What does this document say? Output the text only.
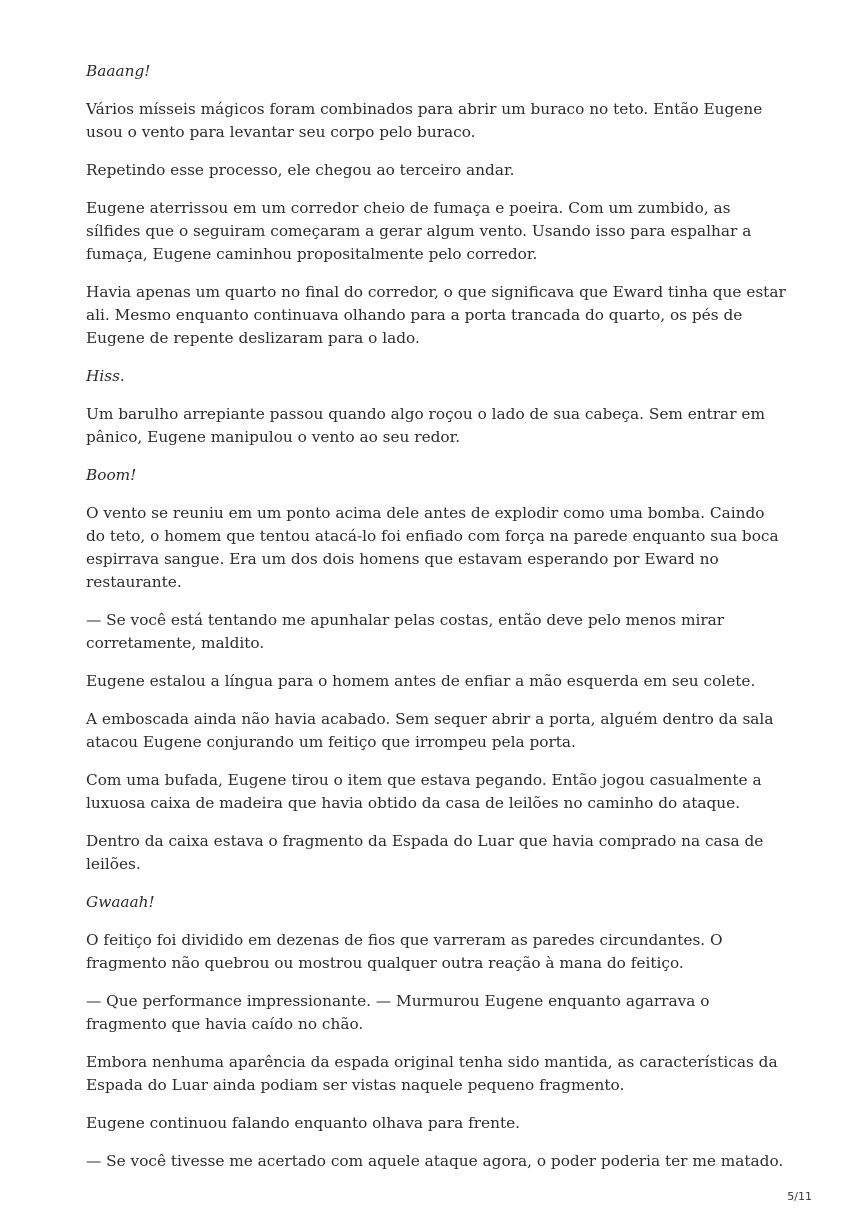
Baaang!

Vários mísseis mágicos foram combinados para abrir um buraco no teto. Então Eugene usou o vento para levantar seu corpo pelo buraco.

Repetindo esse processo, ele chegou ao terceiro andar.

Eugene aterrissou em um corredor cheio de fumaça e poeira. Com um zumbido, as sílfides que o seguiram começaram a gerar algum vento. Usando isso para espalhar a fumaça, Eugene caminhou propositalmente pelo corredor.

Havia apenas um quarto no final do corredor, o que significava que Eward tinha que estar ali. Mesmo enquanto continuava olhando para a porta trancada do quarto, os pés de Eugene de repente deslizaram para o lado.

Hiss.

Um barulho arrepiante passou quando algo roçou o lado de sua cabeça. Sem entrar em pânico, Eugene manipulou o vento ao seu redor.

Boom!

O vento se reuniu em um ponto acima dele antes de explodir como uma bomba. Caindo do teto, o homem que tentou atacá-lo foi enfiado com força na parede enquanto sua boca espirrava sangue. Era um dos dois homens que estavam esperando por Eward no restaurante.

— Se você está tentando me apunhalar pelas costas, então deve pelo menos mirar corretamente, maldito.

Eugene estalou a língua para o homem antes de enfiar a mão esquerda em seu colete.

A emboscada ainda não havia acabado. Sem sequer abrir a porta, alguém dentro da sala atacou Eugene conjurando um feitiço que irrompeu pela porta.

Com uma bufada, Eugene tirou o item que estava pegando. Então jogou casualmente a luxuosa caixa de madeira que havia obtido da casa de leilões no caminho do ataque.

Dentro da caixa estava o fragmento da Espada do Luar que havia comprado na casa de leilões.

Gwaaah!

O feitiço foi dividido em dezenas de fios que varreram as paredes circundantes. O fragmento não quebrou ou mostrou qualquer outra reação à mana do feitiço.

— Que performance impressionante. — Murmurou Eugene enquanto agarrava o fragmento que havia caído no chão.

Embora nenhuma aparência da espada original tenha sido mantida, as características da Espada do Luar ainda podiam ser vistas naquele pequeno fragmento.

Eugene continuou falando enquanto olhava para frente.

— Se você tivesse me acertado com aquele ataque agora, o poder poderia ter me matado.

5/11
